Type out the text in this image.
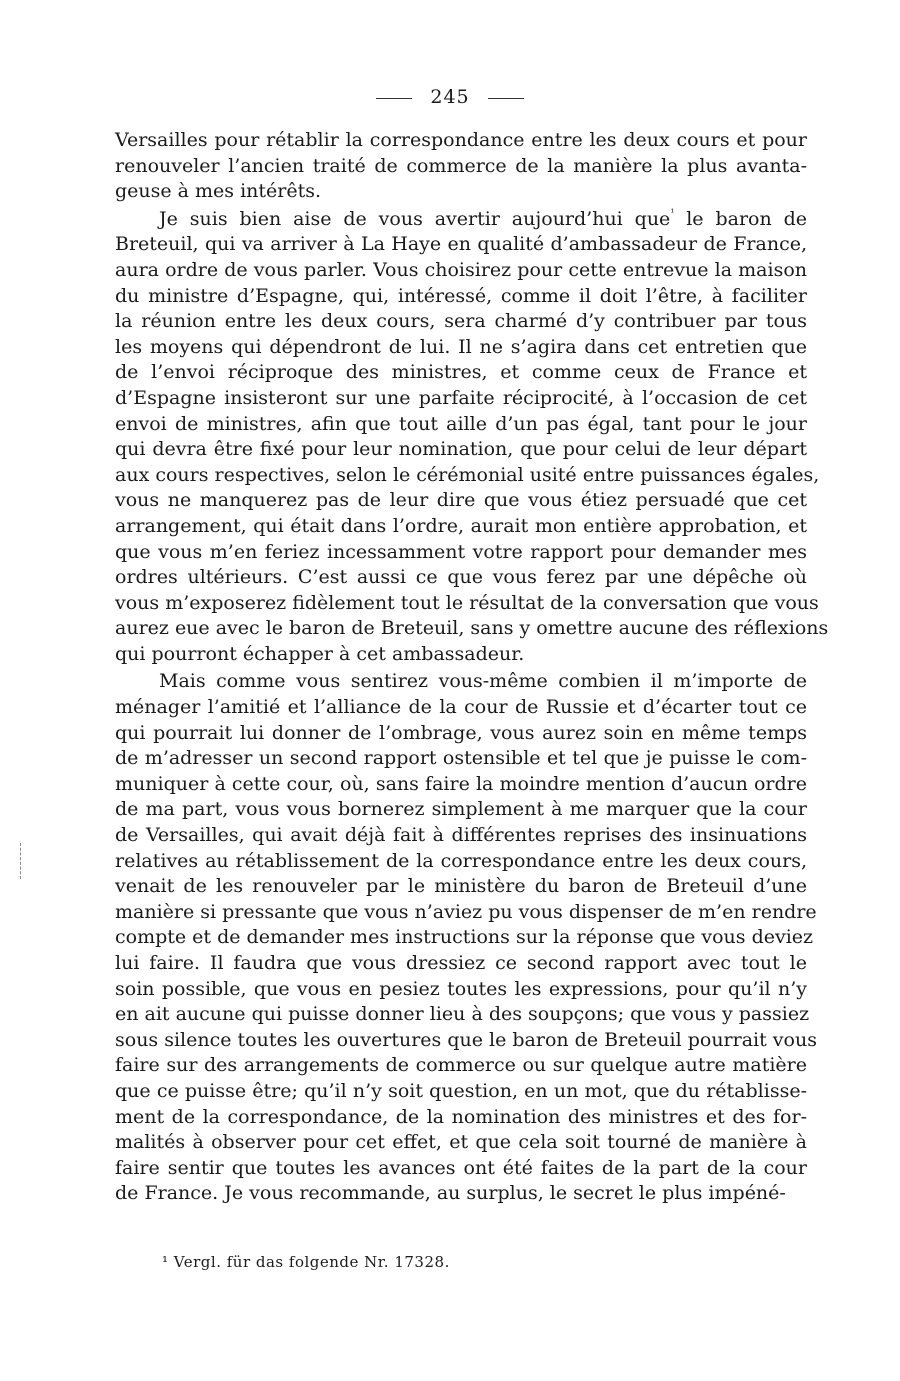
245
Versailles pour rétablir la correspondance entre les deux cours et pour
renouveler l’ancien traité de commerce de la manière la plus avanta-
geuse à mes intérêts.
Je suis bien aise de vous avertir aujourd’hui que$^{^1}$ le baron de
Breteuil, qui va arriver à La Haye en qualité d’ambassadeur de France,
aura ordre de vous parler. Vous choisirez pour cette entrevue la maison
du ministre d’Espagne, qui, intéressé, comme il doit l’être, à faciliter
la réunion entre les deux cours, sera charmé d’y contribuer par tous
les moyens qui dépendront de lui. Il ne s’agira dans cet entretien que
de l’envoi réciproque des ministres, et comme ceux de France et
d’Espagne insisteront sur une parfaite réciprocité, à l’occasion de cet
envoi de ministres, afin que tout aille d’un pas égal, tant pour le jour
qui devra être fixé pour leur nomination, que pour celui de leur départ
aux cours respectives, selon le cérémonial usité entre puissances égales,
vous ne manquerez pas de leur dire que vous étiez persuadé que cet
arrangement, qui était dans l’ordre, aurait mon entière approbation, et
que vous m’en feriez incessamment votre rapport pour demander mes
ordres ultérieurs. C’est aussi ce que vous ferez par une dépêche où
vous m’exposerez fidèlement tout le résultat de la conversation que vous
aurez eue avec le baron de Breteuil, sans y omettre aucune des réflexions
qui pourront échapper à cet ambassadeur.
Mais comme vous sentirez vous-même combien il m’importe de
ménager l’amitié et l’alliance de la cour de Russie et d’écarter tout ce
qui pourrait lui donner de l’ombrage, vous aurez soin en même temps
de m’adresser un second rapport ostensible et tel que je puisse le com-
muniquer à cette cour, où, sans faire la moindre mention d’aucun ordre
de ma part, vous vous bornerez simplement à me marquer que la cour
de Versailles, qui avait déjà fait à différentes reprises des insinuations
relatives au rétablissement de la correspondance entre les deux cours,
venait de les renouveler par le ministère du baron de Breteuil d’une
manière si pressante que vous n’aviez pu vous dispenser de m’en rendre
compte et de demander mes instructions sur la réponse que vous deviez
lui faire. Il faudra que vous dressiez ce second rapport avec tout le
soin possible, que vous en pesiez toutes les expressions, pour qu’il n’y
en ait aucune qui puisse donner lieu à des soupçons; que vous y passiez
sous silence toutes les ouvertures que le baron de Breteuil pourrait vous
faire sur des arrangements de commerce ou sur quelque autre matière
que ce puisse être; qu’il n’y soit question, en un mot, que du rétablisse-
ment de la correspondance, de la nomination des ministres et des for-
malités à observer pour cet effet, et que cela soit tourné de manière à
faire sentir que toutes les avances ont été faites de la part de la cour
de France. Je vous recommande, au surplus, le secret le plus impéné-
¹ Vergl. für das folgende Nr. 17328.
